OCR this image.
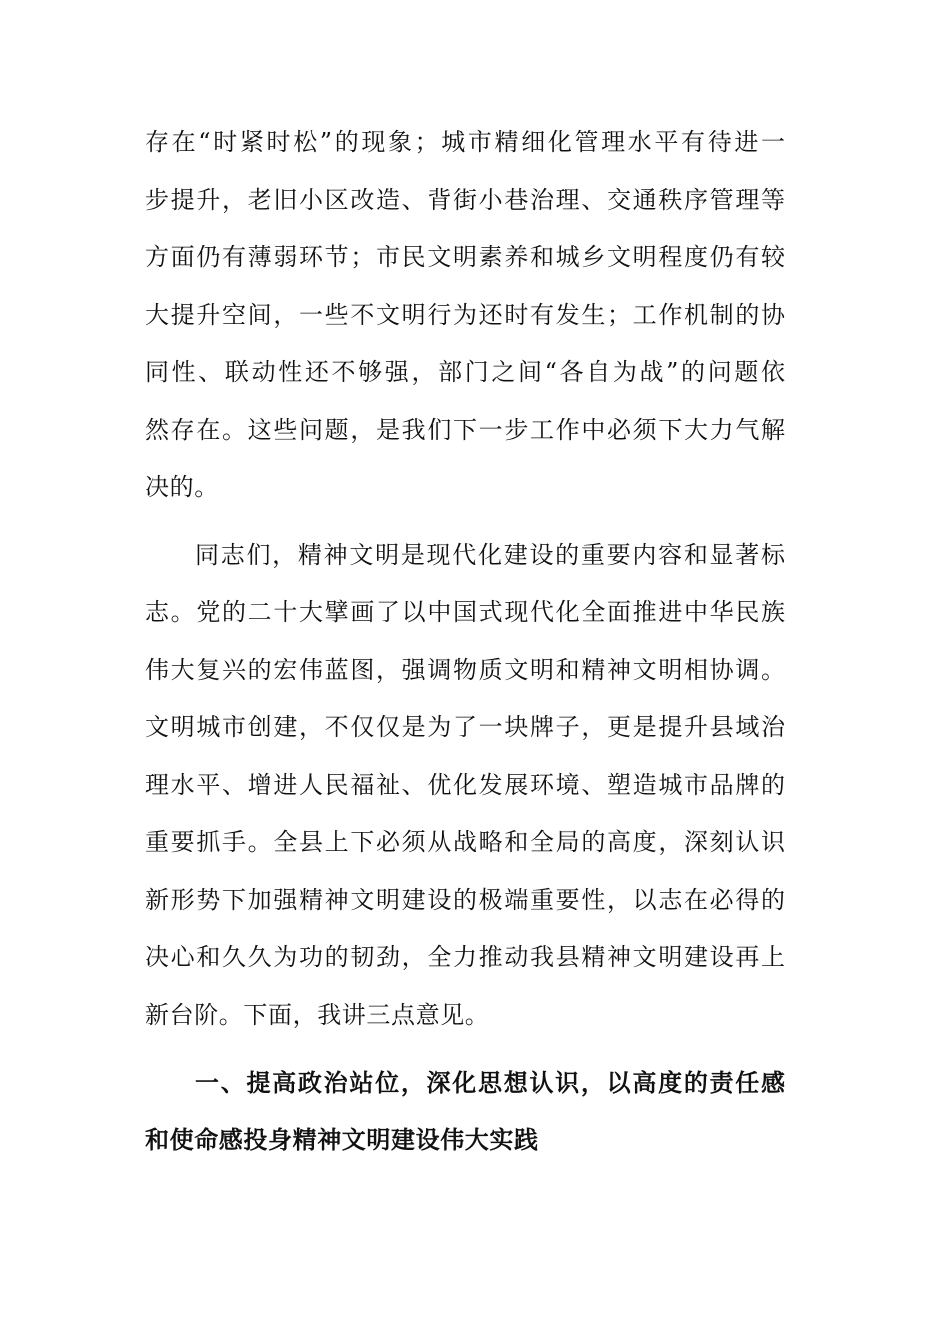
存在“时紧时松”的现象；城市精细化管理水平有待进一
步提升，老旧小区改造、背街小巷治理、交通秩序管理等
方面仍有薄弱环节；市民文明素养和城乡文明程度仍有较
大提升空间，一些不文明行为还时有发生；工作机制的协
同性、联动性还不够强，部门之间“各自为战”的问题依
然存在。这些问题，是我们下一步工作中必须下大力气解
决的。
同志们，精神文明是现代化建设的重要内容和显著标
志。党的二十大擘画了以中国式现代化全面推进中华民族
伟大复兴的宏伟蓝图，强调物质文明和精神文明相协调。
文明城市创建，不仅仅是为了一块牌子，更是提升县域治
理水平、增进人民福祉、优化发展环境、塑造城市品牌的
重要抓手。全县上下必须从战略和全局的高度，深刻认识
新形势下加强精神文明建设的极端重要性，以志在必得的
决心和久久为功的韧劲，全力推动我县精神文明建设再上
新台阶。下面，我讲三点意见。
一、提高政治站位，深化思想认识，以高度的责任感
和使命感投身精神文明建设伟大实践
